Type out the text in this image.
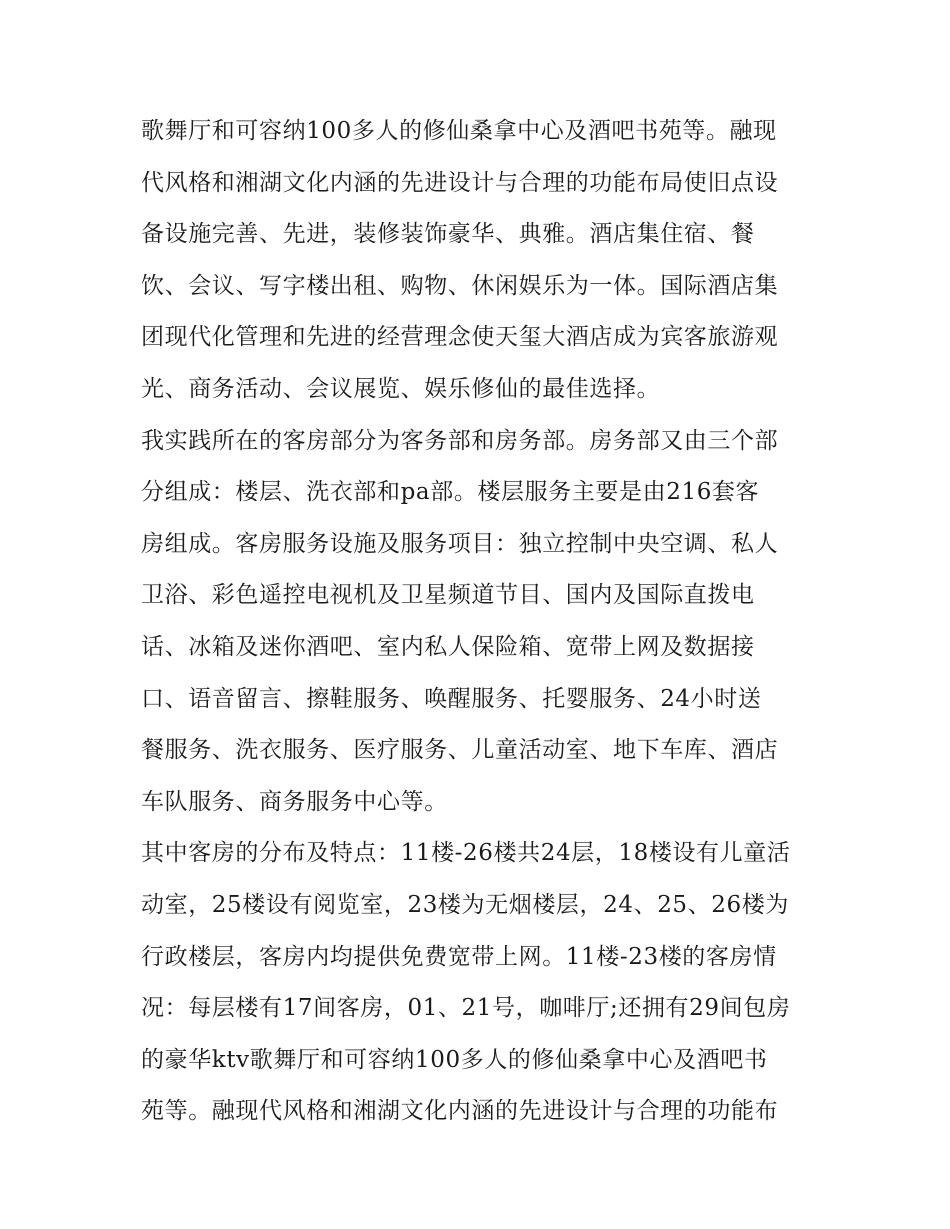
歌舞厅和可容纳100多人的修仙桑拿中心及酒吧书苑等。融现
代风格和湘湖文化内涵的先进设计与合理的功能布局使旧点设
备设施完善、先进，装修装饰豪华、典雅。酒店集住宿、餐
饮、会议、写字楼出租、购物、休闲娱乐为一体。国际酒店集
团现代化管理和先进的经营理念使天玺大酒店成为宾客旅游观
光、商务活动、会议展览、娱乐修仙的最佳选择。
我实践所在的客房部分为客务部和房务部。房务部又由三个部
分组成：楼层、洗衣部和pa部。楼层服务主要是由216套客
房组成。客房服务设施及服务项目：独立控制中央空调、私人
卫浴、彩色遥控电视机及卫星频道节目、国内及国际直拨电
话、冰箱及迷你酒吧、室内私人保险箱、宽带上网及数据接
口、语音留言、擦鞋服务、唤醒服务、托婴服务、24小时送
餐服务、洗衣服务、医疗服务、儿童活动室、地下车库、酒店
车队服务、商务服务中心等。
其中客房的分布及特点：11楼-26楼共24层，18楼设有儿童活
动室，25楼设有阅览室，23楼为无烟楼层，24、25、26楼为
行政楼层，客房内均提供免费宽带上网。11楼-23楼的客房情
况：每层楼有17间客房，01、21号，咖啡厅;还拥有29间包房
的豪华ktv歌舞厅和可容纳100多人的修仙桑拿中心及酒吧书
苑等。融现代风格和湘湖文化内涵的先进设计与合理的功能布
